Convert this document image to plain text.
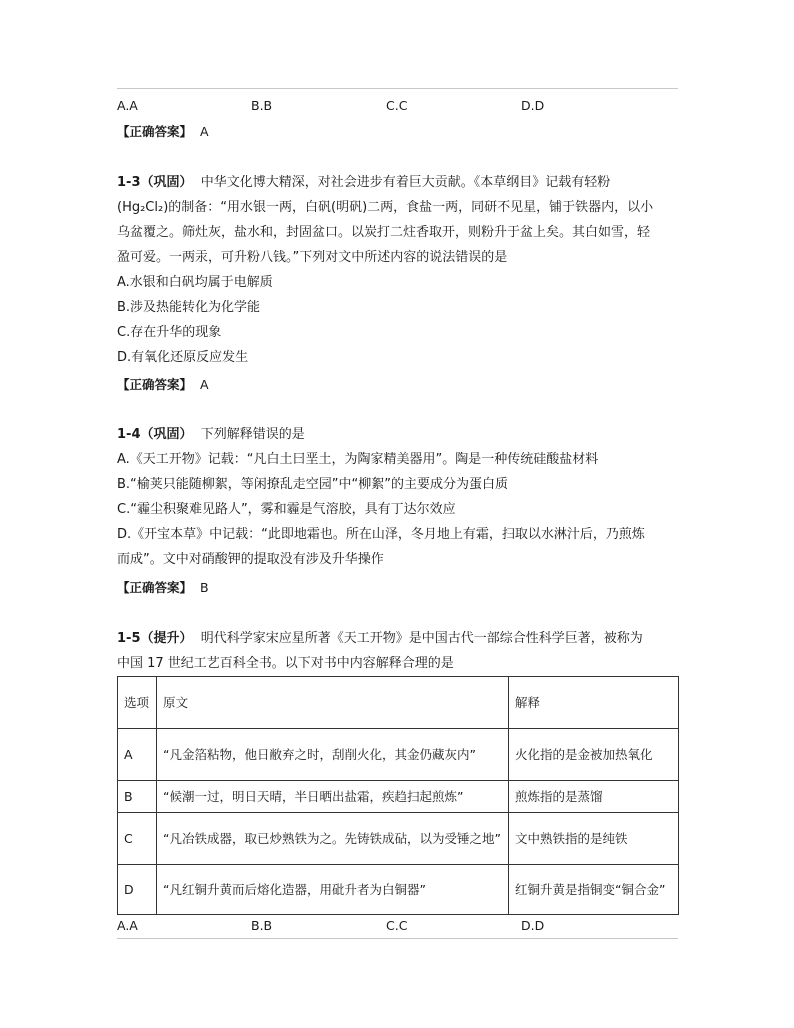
A.A	B.B	C.C	D.D
【正确答案】 A

1-3（巩固） 中华文化博大精深，对社会进步有着巨大贡献。《本草纲目》记载有轻粉

(Hg₂Cl₂)的制备：“用水银一两，白矾(明矾)二两，食盐一两，同研不见星，铺于铁器内，以小

乌盆覆之。筛灶灰，盐水和，封固盆口。以炭打二炷香取开，则粉升于盆上矣。其白如雪，轻

盈可爱。一两汞，可升粉八钱。”下列对文中所述内容的说法错误的是

A.水银和白矾均属于电解质

B.涉及热能转化为化学能

C.存在升华的现象

D.有氧化还原反应发生

【正确答案】 A

1-4（巩固） 下列解释错误的是

A.《天工开物》记载：“凡白土曰垩土，为陶家精美器用”。陶是一种传统硅酸盐材料

B.“榆荚只能随柳絮，等闲撩乱走空园”中“柳絮”的主要成分为蛋白质

C.“霾尘积聚难见路人”，雾和霾是气溶胶，具有丁达尔效应

D.《开宝本草》中记载：“此即地霜也。所在山泽，冬月地上有霜，扫取以水淋汁后，乃煎炼

而成”。文中对硝酸钾的提取没有涉及升华操作

【正确答案】 B

1-5（提升） 明代科学家宋应星所著《天工开物》是中国古代一部综合性科学巨著，被称为

中国 17 世纪工艺百科全书。以下对书中内容解释合理的是

选项	原文	解释
A	“凡金箔粘物，他日敝弃之时，刮削火化，其金仍藏灰内”	火化指的是金被加热氧化
B	“候潮一过，明日天晴，半日晒出盐霜，疾趋扫起煎炼”	煎炼指的是蒸馏
C	“凡冶铁成器，取已炒熟铁为之。先铸铁成砧，以为受锤之地”	文中熟铁指的是纯铁
D	“凡红铜升黄而后熔化造器，用砒升者为白铜器”	红铜升黄是指铜变“铜合金”
A.A	B.B	C.C	D.D
